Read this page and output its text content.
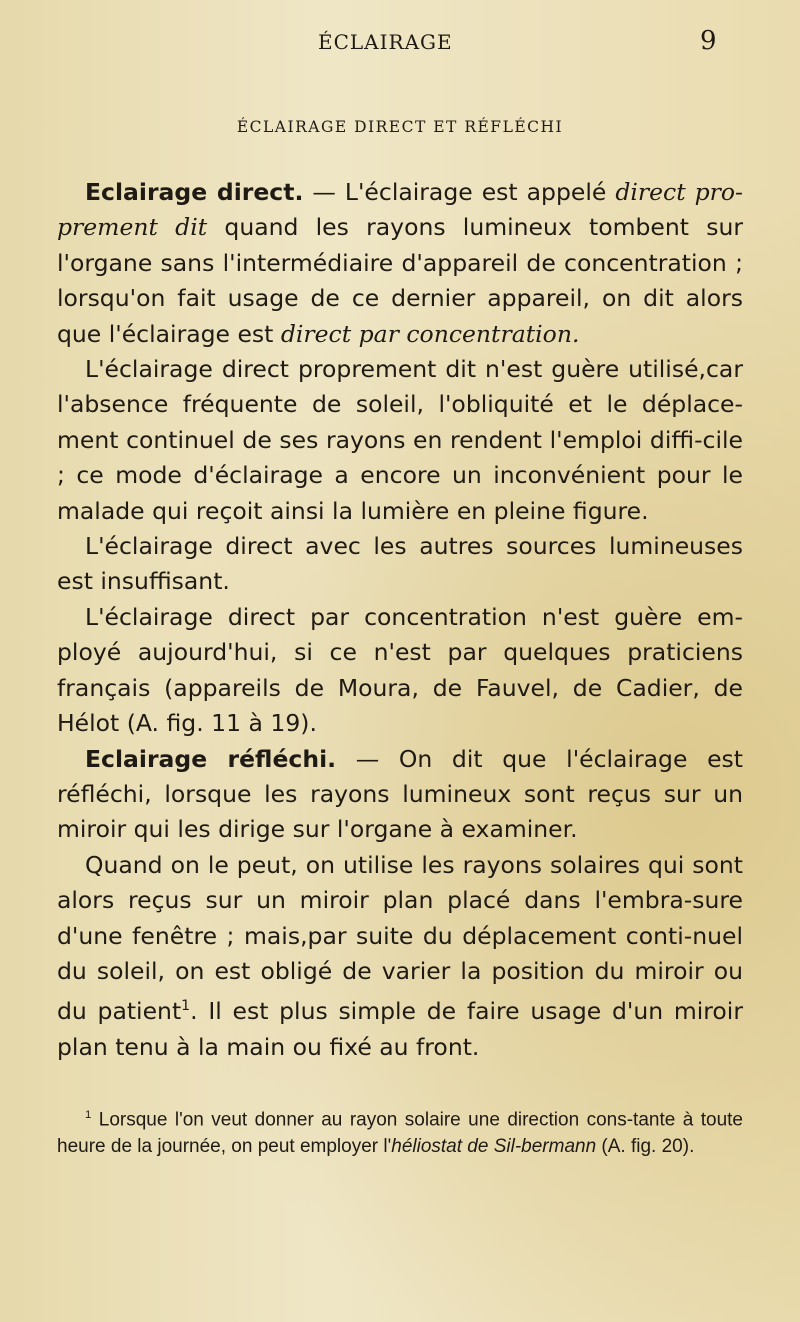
ÉCLAIRAGE	9
ÉCLAIRAGE DIRECT ET RÉFLÉCHI

Eclairage direct. — L'éclairage est appelé direct pro-prement dit quand les rayons lumineux tombent sur l'organe sans l'intermédiaire d'appareil de concentration ; lorsqu'on fait usage de ce dernier appareil, on dit alors que l'éclairage est direct par concentration.

L'éclairage direct proprement dit n'est guère utilisé,car l'absence fréquente de soleil, l'obliquité et le déplace-ment continuel de ses rayons en rendent l'emploi diffi-cile ; ce mode d'éclairage a encore un inconvénient pour le malade qui reçoit ainsi la lumière en pleine figure.

L'éclairage direct avec les autres sources lumineuses est insuffisant.

L'éclairage direct par concentration n'est guère em-ployé aujourd'hui, si ce n'est par quelques praticiens français (appareils de Moura, de Fauvel, de Cadier, de Hélot (A. fig. 11 à 19).

Eclairage réfléchi. — On dit que l'éclairage est réfléchi, lorsque les rayons lumineux sont reçus sur un miroir qui les dirige sur l'organe à examiner.

Quand on le peut, on utilise les rayons solaires qui sont alors reçus sur un miroir plan placé dans l'embra-sure d'une fenêtre ; mais,par suite du déplacement conti-nuel du soleil, on est obligé de varier la position du miroir ou du patient$^1$. Il est plus simple de faire usage d'un miroir plan tenu à la main ou fixé au front.

$^1$ Lorsque l'on veut donner au rayon solaire une direction cons-tante à toute heure de la journée, on peut employer l'héliostat de Sil-bermann (A. fig. 20).
